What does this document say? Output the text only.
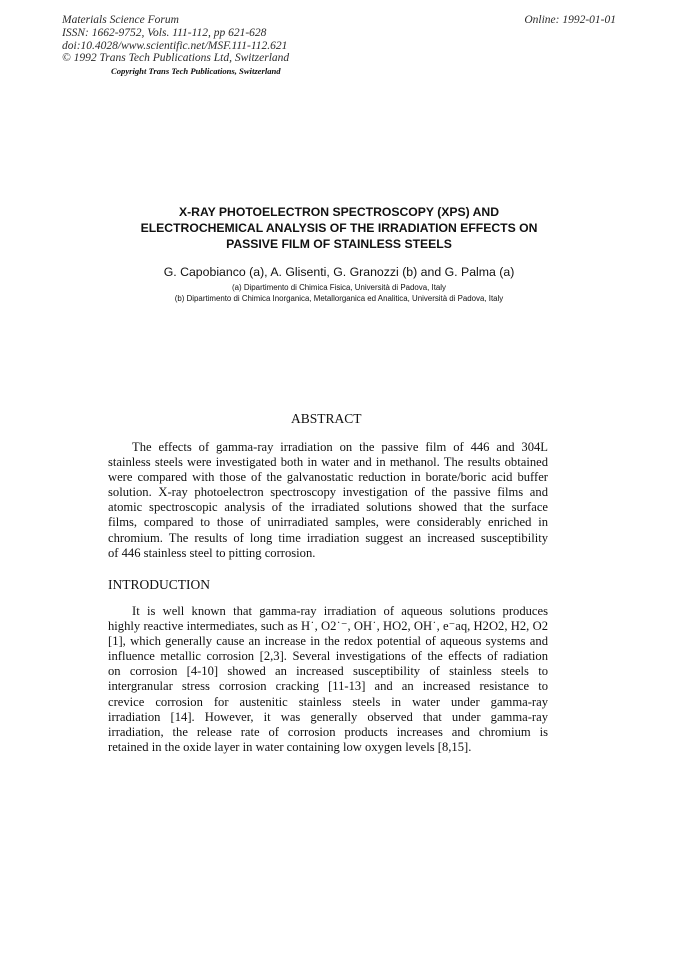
Materials Science Forum
ISSN: 1662-9752, Vols. 111-112, pp 621-628
doi:10.4028/www.scientific.net/MSF.111-112.621
© 1992 Trans Tech Publications Ltd, Switzerland
Online: 1992-01-01
Copyright Trans Tech Publications, Switzerland
X-RAY PHOTOELECTRON SPECTROSCOPY (XPS) AND
ELECTROCHEMICAL ANALYSIS OF THE IRRADIATION EFFECTS ON
PASSIVE FILM OF STAINLESS STEELS
G. Capobianco (a), A. Glisenti, G. Granozzi (b) and G. Palma (a)
(a) Dipartimento di Chimica Fisica, Università di Padova, Italy
(b) Dipartimento di Chimica Inorganica, Metallorganica ed Analitica, Università di Padova, Italy
ABSTRACT
The effects of gamma-ray irradiation on the passive film of 446 and 304L
stainless steels were investigated both in water and in methanol. The results obtained
were compared with those of the galvanostatic reduction in borate/boric acid buffer
solution. X-ray photoelectron spectroscopy investigation of the passive films and
atomic spectroscopic analysis of the irradiated solutions showed that the surface
films, compared to those of unirradiated samples, were considerably enriched in
chromium. The results of long time irradiation suggest an increased susceptibility
of 446 stainless steel to pitting corrosion.
INTRODUCTION
It is well known that gamma-ray irradiation of aqueous solutions produces
highly reactive intermediates, such as H˙, O2˙⁻, OH˙, HO2, OH˙, e⁻aq, H2O2, H2, O2
[1], which generally cause an increase in the redox potential of aqueous systems and
influence metallic corrosion [2,3]. Several investigations of the effects of radiation
on corrosion [4-10] showed an increased susceptibility of stainless steels to
intergranular stress corrosion cracking [11-13] and an increased resistance to
crevice corrosion for austenitic stainless steels in water under gamma-ray
irradiation [14]. However, it was generally observed that under gamma-ray
irradiation, the release rate of corrosion products increases and chromium is
retained in the oxide layer in water containing low oxygen levels [8,15].
